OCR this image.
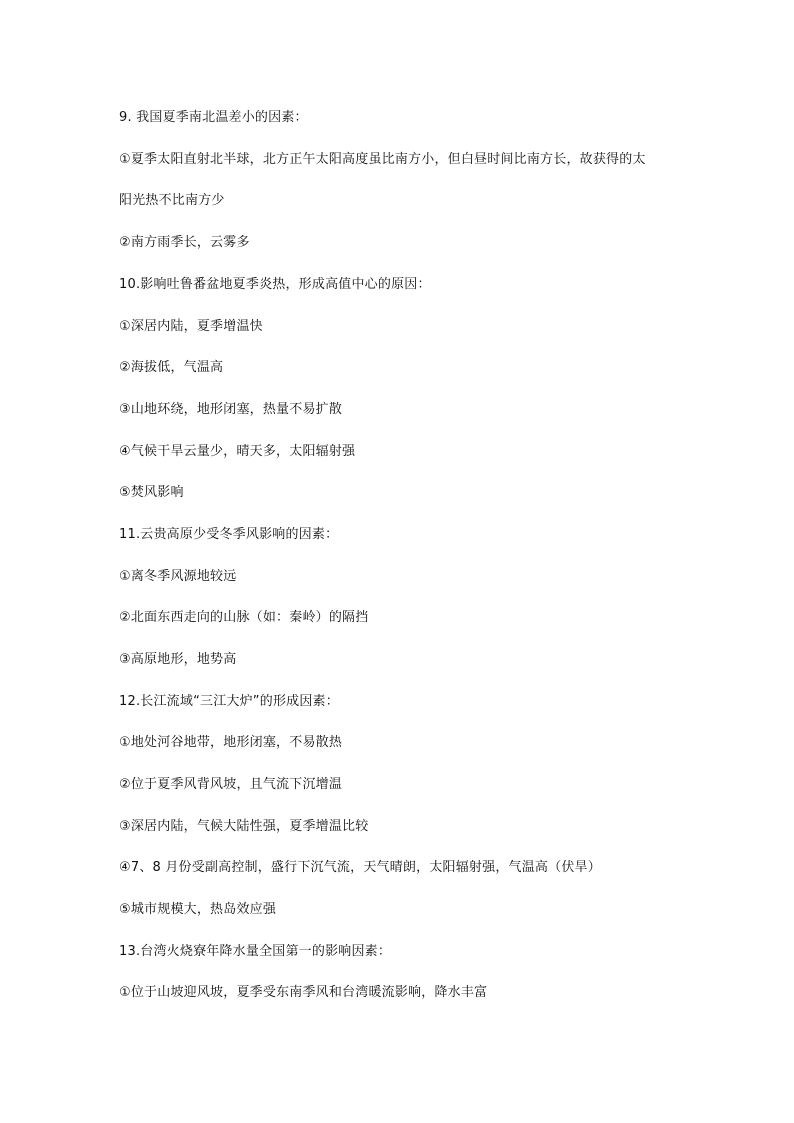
9. 我国夏季南北温差小的因素：
①夏季太阳直射北半球，北方正午太阳高度虽比南方小，但白昼时间比南方长，故获得的太
阳光热不比南方少
②南方雨季长，云雾多
10.影响吐鲁番盆地夏季炎热，形成高值中心的原因：
①深居内陆，夏季增温快
②海拔低，气温高
③山地环绕，地形闭塞，热量不易扩散
④气候干旱云量少，晴天多，太阳辐射强
⑤焚风影响
11.云贵高原少受冬季风影响的因素：
①离冬季风源地较远
②北面东西走向的山脉（如：秦岭）的隔挡
③高原地形，地势高
12.长江流域“三江大炉”的形成因素：
①地处河谷地带，地形闭塞，不易散热
②位于夏季风背风坡，且气流下沉增温
③深居内陆，气候大陆性强，夏季增温比较
④7、8 月份受副高控制，盛行下沉气流，天气晴朗，太阳辐射强，气温高（伏旱）
⑤城市规模大，热岛效应强
13.台湾火烧寮年降水量全国第一的影响因素：
①位于山坡迎风坡，夏季受东南季风和台湾暖流影响，降水丰富
